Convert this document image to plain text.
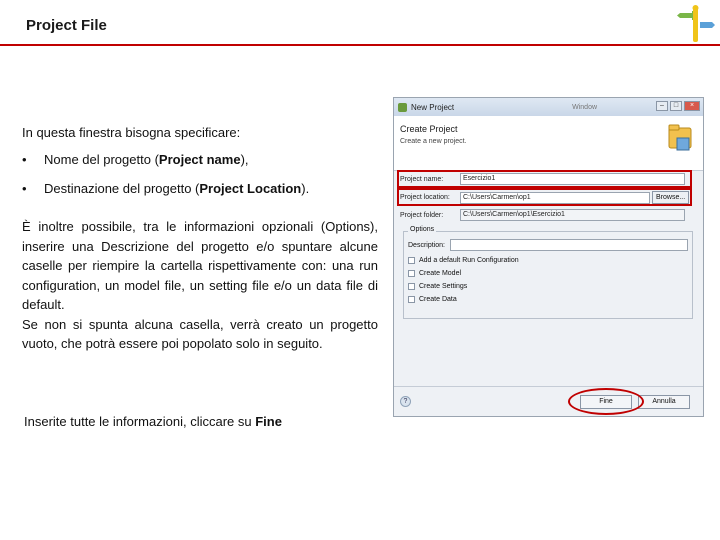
Project File
In questa finestra bisogna specificare:
•	Nome del progetto (Project name),
•	Destinazione del progetto (Project Location).
È inoltre possibile, tra le informazioni opzionali (Options), inserire una Descrizione del progetto e/o spuntare alcune caselle per riempire la cartella rispettivamente con: una run configuration, un model file, un setting file e/o un data file di default.
Se non si spunta alcuna casella, verrà creato un progetto vuoto, che potrà essere poi popolato solo in seguito.
Inserite tutte le informazioni, cliccare su Fine
New Project	Window	–	□	×
Create Project
Create a new project.
Project name:	Esercizio1
Project location:	C:\Users\Carmen\op1	Browse...
Project folder:	C:\Users\Carmen\op1\Esercizio1
Options
Description:
Add a default Run Configuration
Create Model
Create Settings
Create Data
?	Fine	Annulla
